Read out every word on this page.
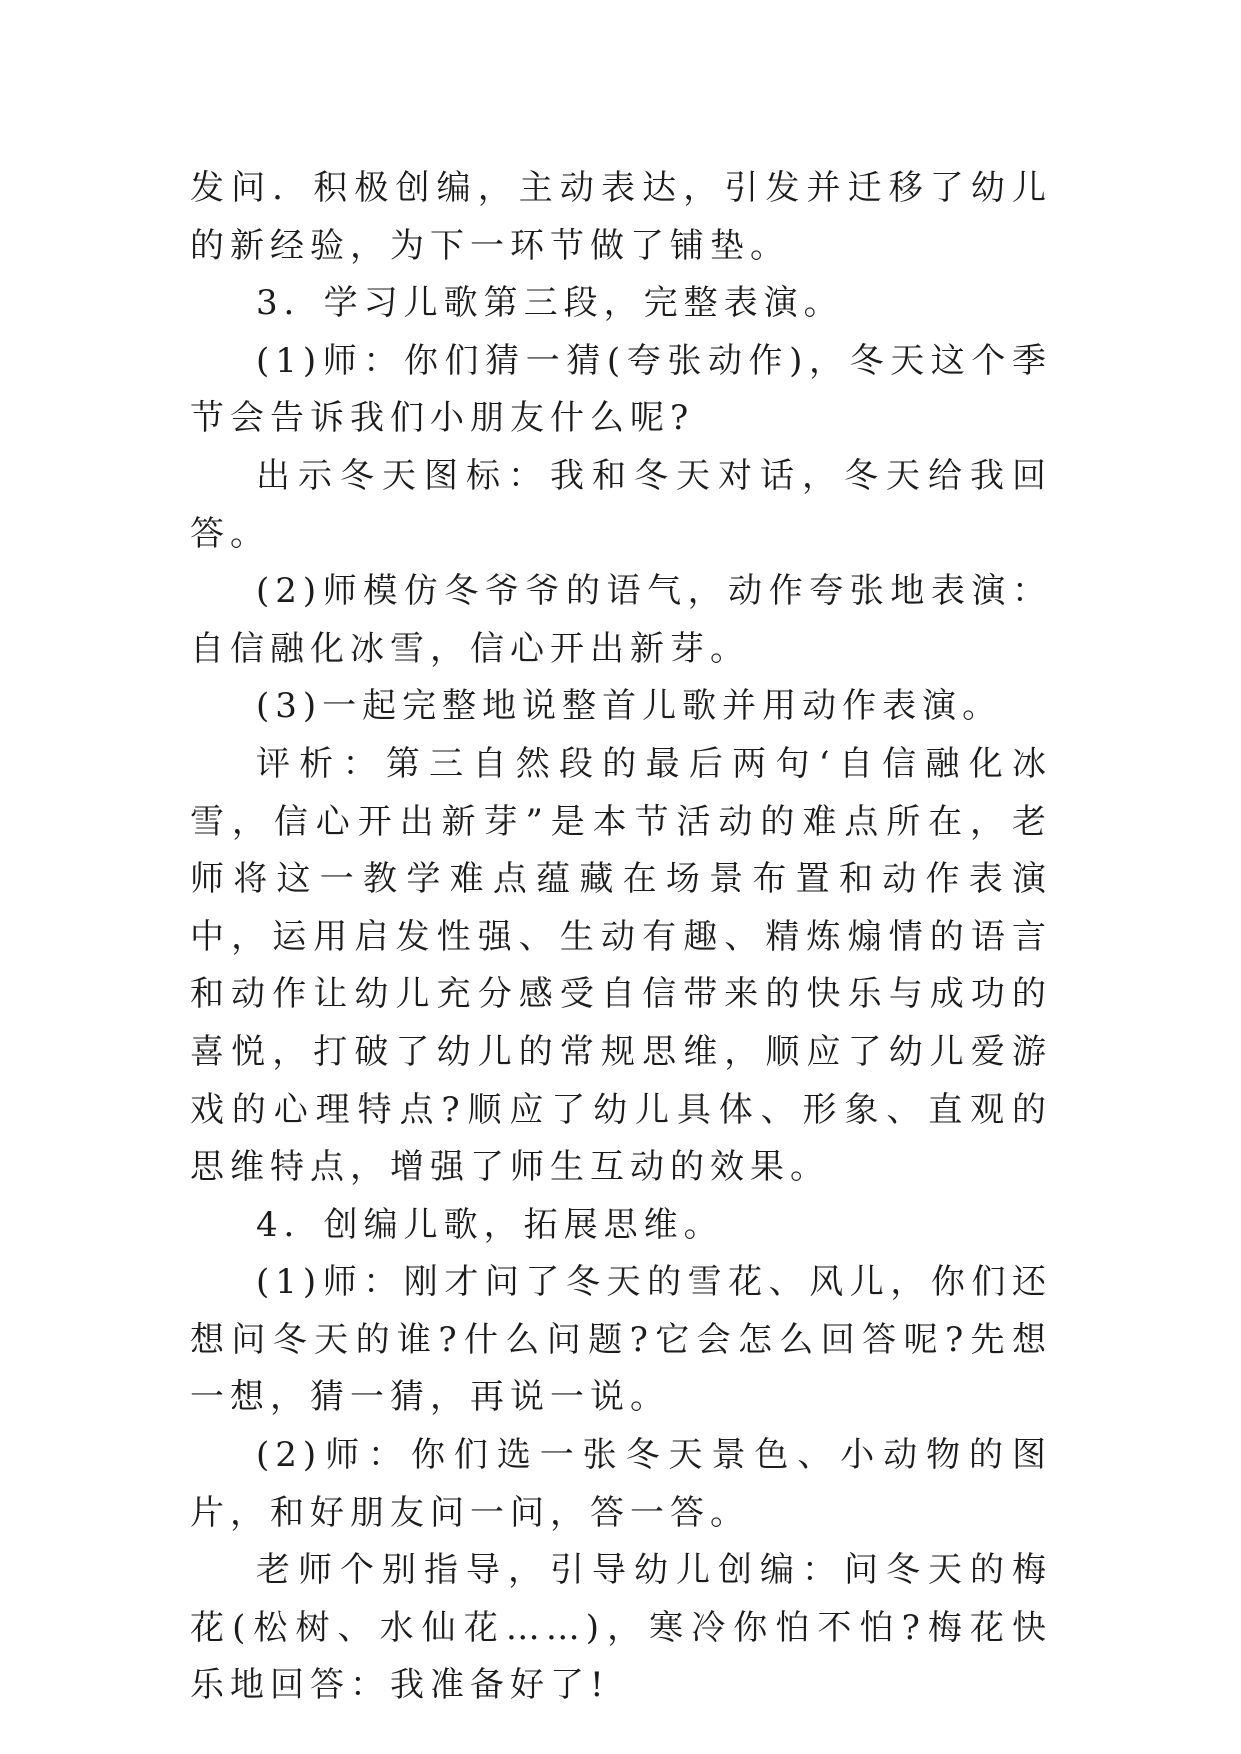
发问．积极创编，主动表达，引发并迁移了幼儿的新经验，为下一环节做了铺垫。

3．学习儿歌第三段，完整表演。

(1)师：你们猜一猜(夸张动作)，冬天这个季节会告诉我们小朋友什么呢?

出示冬天图标：我和冬天对话，冬天给我回答。

(2)师模仿冬爷爷的语气，动作夸张地表演：自信融化冰雪，信心开出新芽。

(3)一起完整地说整首儿歌并用动作表演。

评析：第三自然段的最后两句‘自信融化冰雪，信心开出新芽”是本节活动的难点所在，老师将这一教学难点蕴藏在场景布置和动作表演中，运用启发性强、生动有趣、精炼煽情的语言和动作让幼儿充分感受自信带来的快乐与成功的喜悦，打破了幼儿的常规思维，顺应了幼儿爱游戏的心理特点?顺应了幼儿具体、形象、直观的思维特点，增强了师生互动的效果。

4．创编儿歌，拓展思维。

(1)师：刚才问了冬天的雪花、风儿，你们还想问冬天的谁?什么问题?它会怎么回答呢?先想一想，猜一猜，再说一说。

(2)师：你们选一张冬天景色、小动物的图片，和好朋友问一问，答一答。

老师个别指导，引导幼儿创编：问冬天的梅花(松树、水仙花……)，寒冷你怕不怕?梅花快乐地回答：我准备好了!
